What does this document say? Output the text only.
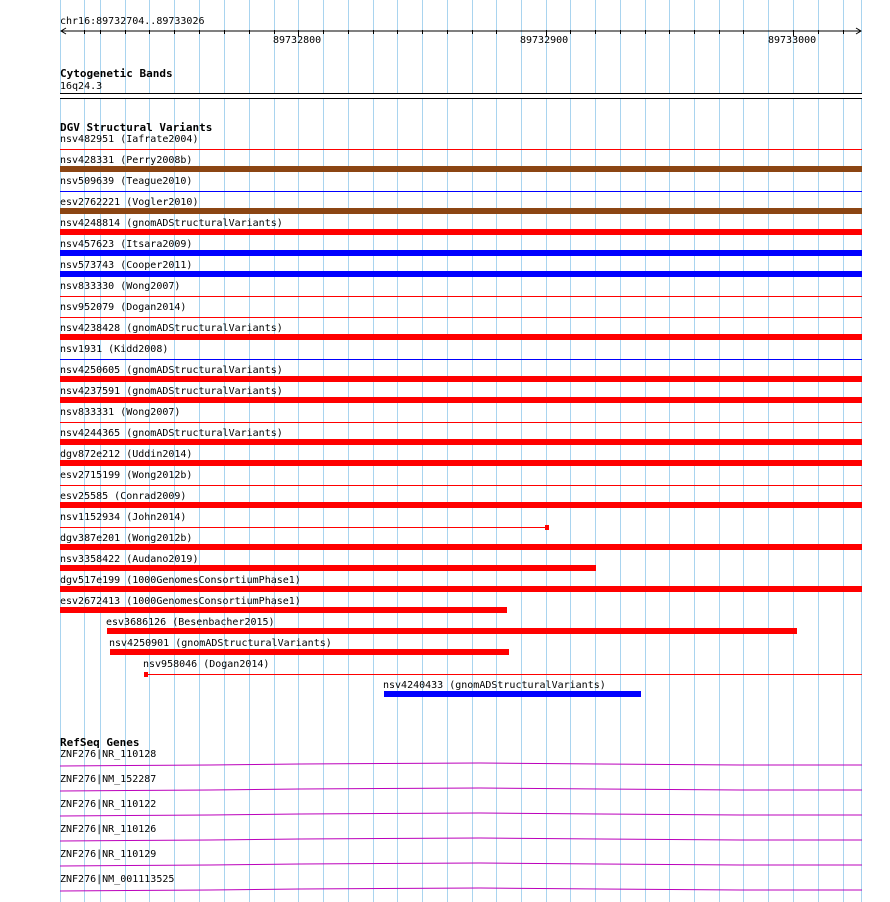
chr16:89732704..89733026
89732800	89732900	89733000
Cytogenetic Bands
16q24.3
DGV Structural Variants
nsv482951 (Iafrate2004)
nsv428331 (Perry2008b)
nsv509639 (Teague2010)
esv2762221 (Vogler2010)
nsv4248814 (gnomADStructuralVariants)
nsv457623 (Itsara2009)
nsv573743 (Cooper2011)
nsv833330 (Wong2007)
nsv952079 (Dogan2014)
nsv4238428 (gnomADStructuralVariants)
nsv1931 (Kidd2008)
nsv4250605 (gnomADStructuralVariants)
nsv4237591 (gnomADStructuralVariants)
nsv833331 (Wong2007)
nsv4244365 (gnomADStructuralVariants)
dgv872e212 (Uddin2014)
esv2715199 (Wong2012b)
esv25585 (Conrad2009)
nsv1152934 (John2014)
dgv387e201 (Wong2012b)
nsv3358422 (Audano2019)
dgv517e199 (1000GenomesConsortiumPhase1)
esv2672413 (1000GenomesConsortiumPhase1)
esv3686126 (Besenbacher2015)
nsv4250901 (gnomADStructuralVariants)
nsv958046 (Dogan2014)
nsv4240433 (gnomADStructuralVariants)
RefSeq Genes
ZNF276|NR_110128
ZNF276|NM_152287
ZNF276|NR_110122
ZNF276|NR_110126
ZNF276|NR_110129
ZNF276|NM_001113525
